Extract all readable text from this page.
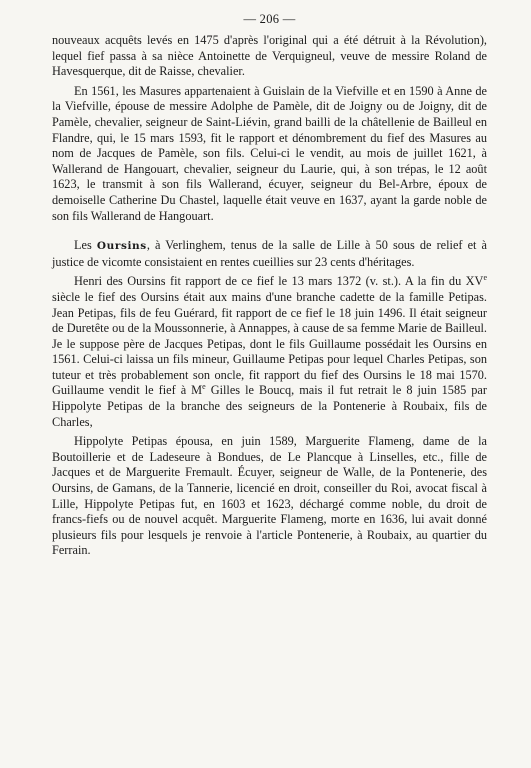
— 206 —

nouveaux acquêts levés en 1475 d'après l'original qui a été détruit à la Révolution), lequel fief passa à sa nièce Antoinette de Verquigneul, veuve de messire Roland de Havesquerque, dit de Raisse, chevalier.

En 1561, les Masures appartenaient à Guislain de la Viefville et en 1590 à Anne de la Viefville, épouse de messire Adolphe de Pamèle, dit de Joigny ou de Joigny, dit de Pamèle, chevalier, seigneur de Saint-Liévin, grand bailli de la châtellenie de Bailleul en Flandre, qui, le 15 mars 1593, fit le rapport et dénombrement du fief des Masures au nom de Jacques de Pamèle, son fils. Celui-ci le vendit, au mois de juillet 1621, à Wallerand de Hangouart, chevalier, seigneur du Laurie, qui, à son trépas, le 12 août 1623, le transmit à son fils Wallerand, écuyer, seigneur du Bel-Arbre, époux de demoiselle Catherine Du Chastel, laquelle était veuve en 1637, ayant la garde noble de son fils Wallerand de Hangouart.

Les Oursins, à Verlinghem, tenus de la salle de Lille à 50 sous de relief et à justice de vicomte consistaient en rentes cueillies sur 23 cents d'héritages.

Henri des Oursins fit rapport de ce fief le 13 mars 1372 (v. st.). A la fin du XVe siècle le fief des Oursins était aux mains d'une branche cadette de la famille Petipas. Jean Petipas, fils de feu Guérard, fit rapport de ce fief le 18 juin 1496. Il était seigneur de Duretête ou de la Moussonnerie, à Annappes, à cause de sa femme Marie de Bailleul. Je le suppose père de Jacques Petipas, dont le fils Guillaume possédait les Oursins en 1561. Celui-ci laissa un fils mineur, Guillaume Petipas pour lequel Charles Petipas, son tuteur et très probablement son oncle, fit rapport du fief des Oursins le 18 mai 1570. Guillaume vendit le fief à Me Gilles le Boucq, mais il fut retrait le 8 juin 1585 par Hippolyte Petipas de la branche des seigneurs de la Pontenerie à Roubaix, fils de Charles,

Hippolyte Petipas épousa, en juin 1589, Marguerite Flameng, dame de la Boutoillerie et de Ladeseure à Bondues, de Le Plancque à Linselles, etc., fille de Jacques et de Marguerite Fremault. Écuyer, seigneur de Walle, de la Pontenerie, des Oursins, de Gamans, de la Tannerie, licencié en droit, conseiller du Roi, avocat fiscal à Lille, Hippolyte Petipas fut, en 1603 et 1623, déchargé comme noble, du droit de francs-fiefs ou de nouvel acquêt. Marguerite Flameng, morte en 1636, lui avait donné plusieurs fils pour lesquels je renvoie à l'article Pontenerie, à Roubaix, au quartier du Ferrain.
